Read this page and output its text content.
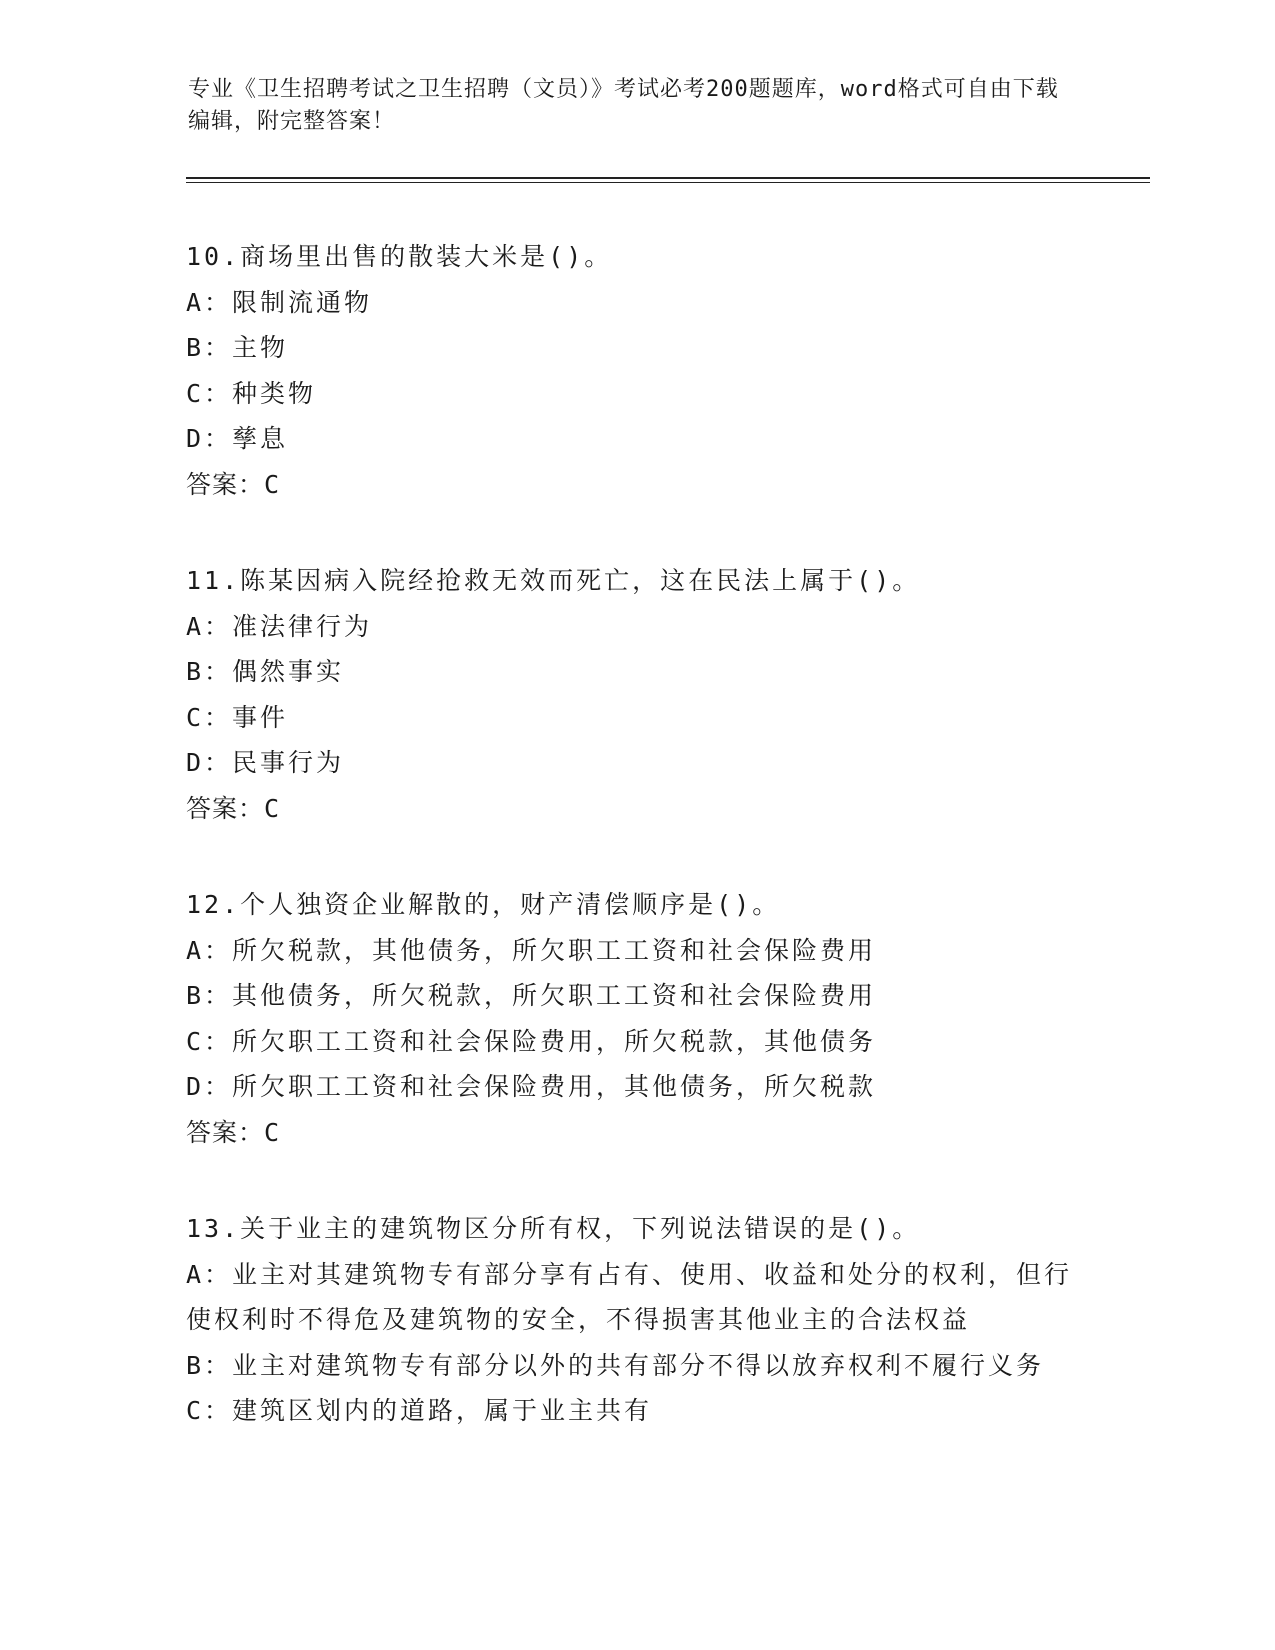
专业《卫生招聘考试之卫生招聘（文员）》考试必考200题题库，word格式可自由下载编辑，附完整答案！
10.商场里出售的散装大米是()。
A：限制流通物
B：主物
C：种类物
D：孳息
答案：C
11.陈某因病入院经抢救无效而死亡，这在民法上属于()。
A：准法律行为
B：偶然事实
C：事件
D：民事行为
答案：C
12.个人独资企业解散的，财产清偿顺序是()。
A：所欠税款，其他债务，所欠职工工资和社会保险费用
B：其他债务，所欠税款，所欠职工工资和社会保险费用
C：所欠职工工资和社会保险费用，所欠税款，其他债务
D：所欠职工工资和社会保险费用，其他债务，所欠税款
答案：C
13.关于业主的建筑物区分所有权，下列说法错误的是()。
A：业主对其建筑物专有部分享有占有、使用、收益和处分的权利，但行使权利时不得危及建筑物的安全，不得损害其他业主的合法权益
B：业主对建筑物专有部分以外的共有部分不得以放弃权利不履行义务
C：建筑区划内的道路，属于业主共有
